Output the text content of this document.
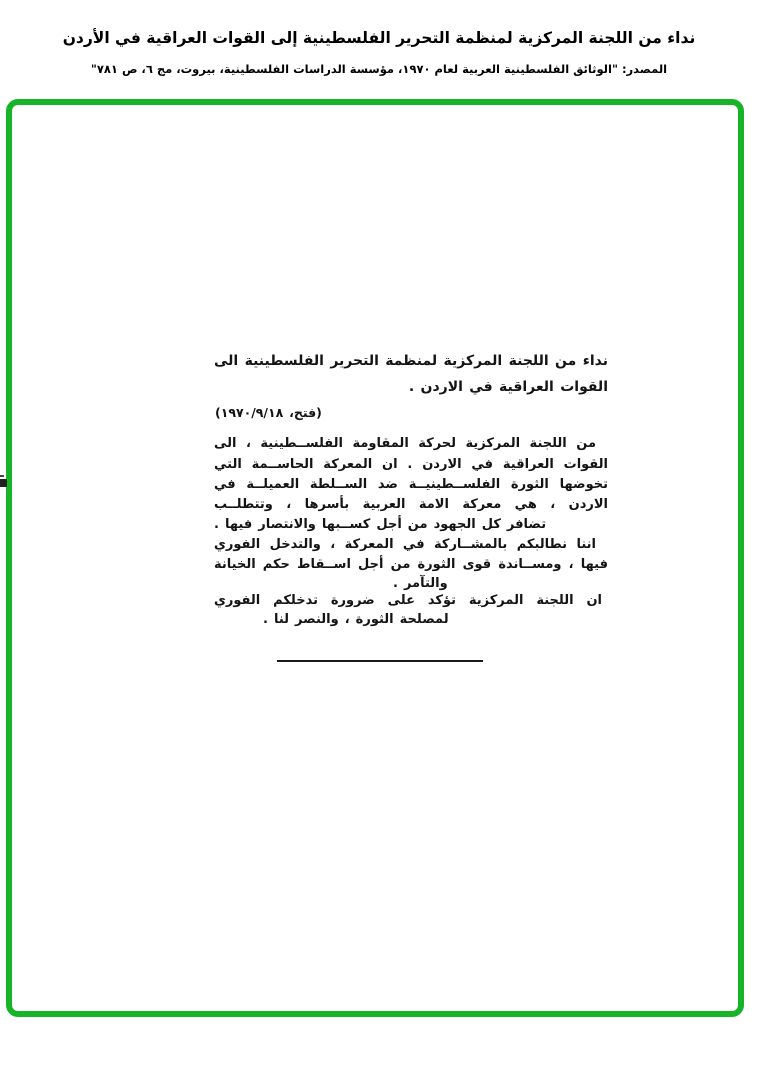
نداء من اللجنة المركزية لمنظمة التحرير الفلسطينية إلى القوات العراقية في الأردن
المصدر: "الوثائق الفلسطينية العربية لعام ١٩٧٠، مؤسسة الدراسات الفلسطينية، بيروت، مج ٦، ص ٧٨١"
نداء من اللجنة المركزية لمنظمة التحرير الفلسطينية الى
القوات العراقية في الاردن .
(فتح، ١٩٧٠/٩/١٨)
من اللجنة المركزية لحركة المقاومة الفلســطينية ، الى
القوات العراقية في الاردن . ان المعركة الحاســمة التي
تخوضها الثورة الفلســطينيــة ضد الســلطة العميلــة في
الاردن ، هي معركة الامة العربية بأسرها ، وتتطلــب
تضافر كل الجهود من أجل كســبها والانتصار فيها .
اننا نطالبكم بالمشــاركة في المعركة ، والتدخل الفوري
فيها ، ومســاندة قوى الثورة من أجل اســقاط حكم الخيانة
والتآمر .
ان اللجنة المركزية تؤكد على ضرورة تدخلكم الفوري
لمصلحة الثورة ، والنصر لنا .
